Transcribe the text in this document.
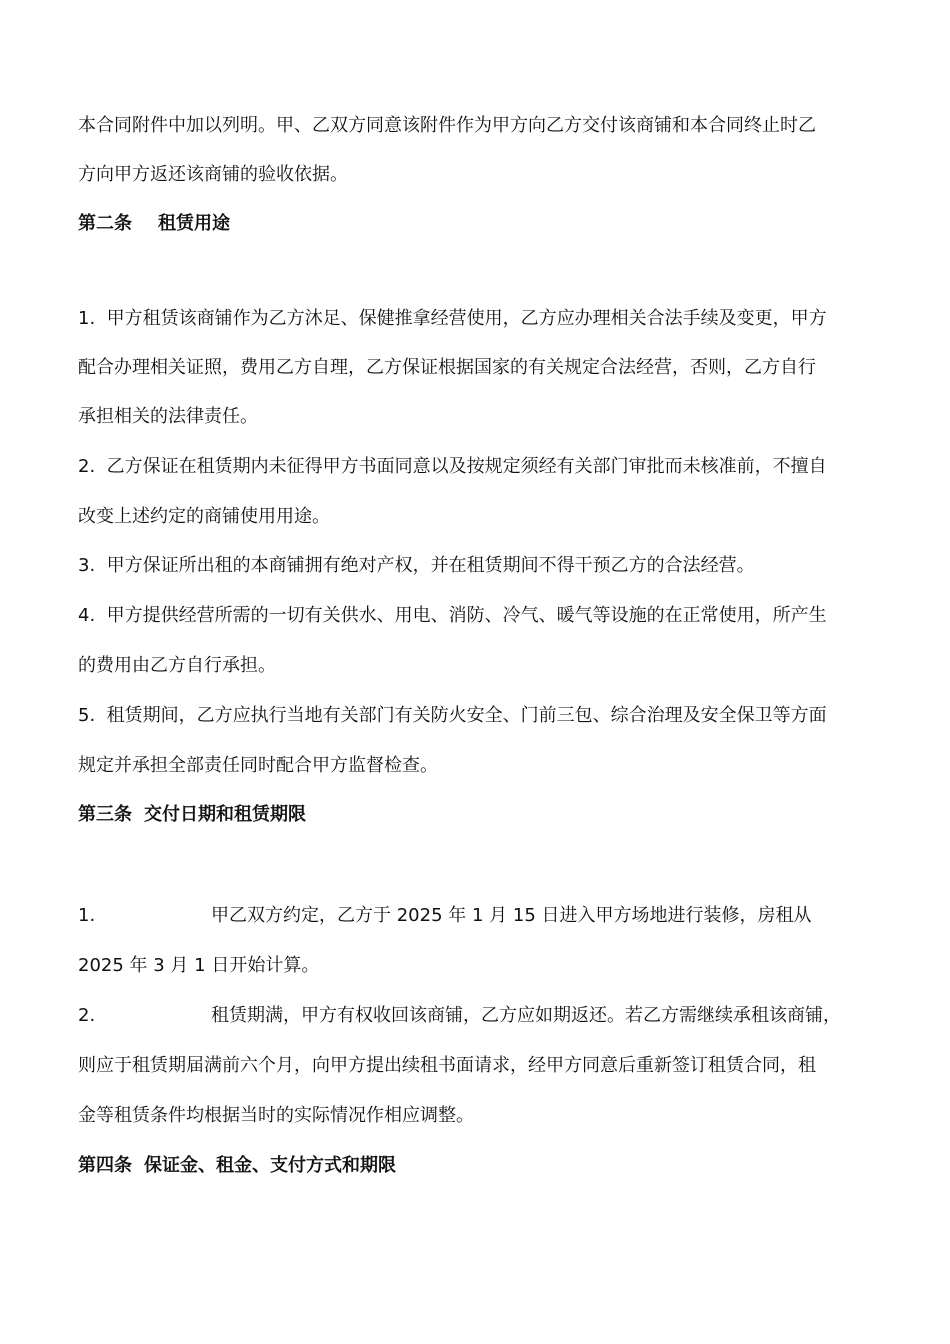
本合同附件中加以列明。甲、乙双方同意该附件作为甲方向乙方交付该商铺和本合同终止时乙
方向甲方返还该商铺的验收依据。
第二条 租赁用途
1. 甲方租赁该商铺作为乙方沐足、保健推拿经营使用，乙方应办理相关合法手续及变更，甲方
配合办理相关证照，费用乙方自理，乙方保证根据国家的有关规定合法经营，否则，乙方自行
承担相关的法律责任。
2. 乙方保证在租赁期内未征得甲方书面同意以及按规定须经有关部门审批而未核准前，不擅自
改变上述约定的商铺使用用途。
3. 甲方保证所出租的本商铺拥有绝对产权，并在租赁期间不得干预乙方的合法经营。
4. 甲方提供经营所需的一切有关供水、用电、消防、冷气、暖气等设施的在正常使用，所产生
的费用由乙方自行承担。
5. 租赁期间，乙方应执行当地有关部门有关防火安全、门前三包、综合治理及安全保卫等方面
规定并承担全部责任同时配合甲方监督检查。
第三条 交付日期和租赁期限
1.	甲乙双方约定，乙方于 2025 年 1 月 15 日进入甲方场地进行装修，房租从
2025 年 3 月 1 日开始计算。
2.	租赁期满，甲方有权收回该商铺，乙方应如期返还。若乙方需继续承租该商铺，
则应于租赁期届满前六个月，向甲方提出续租书面请求，经甲方同意后重新签订租赁合同，租
金等租赁条件均根据当时的实际情况作相应调整。
第四条 保证金、租金、支付方式和期限
